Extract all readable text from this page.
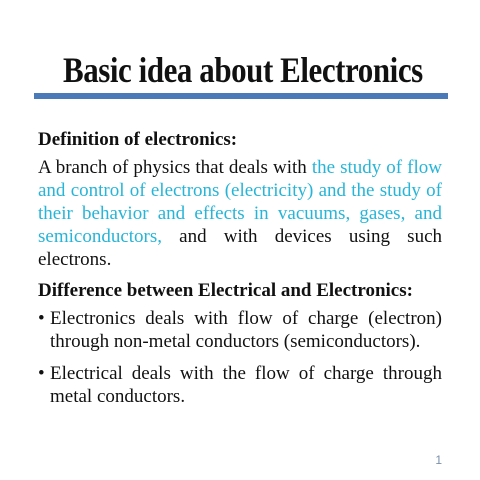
Basic idea about Electronics

Definition of electronics:

A branch of physics that deals with the study of flow and control of electrons (electricity) and the study of their behavior and effects in vacuums, gases, and semiconductors, and with devices using such electrons.

Difference between Electrical and Electronics:

• Electronics deals with flow of charge (electron) through non-metal conductors (semiconductors).
• Electrical deals with the flow of charge through metal conductors.
1
